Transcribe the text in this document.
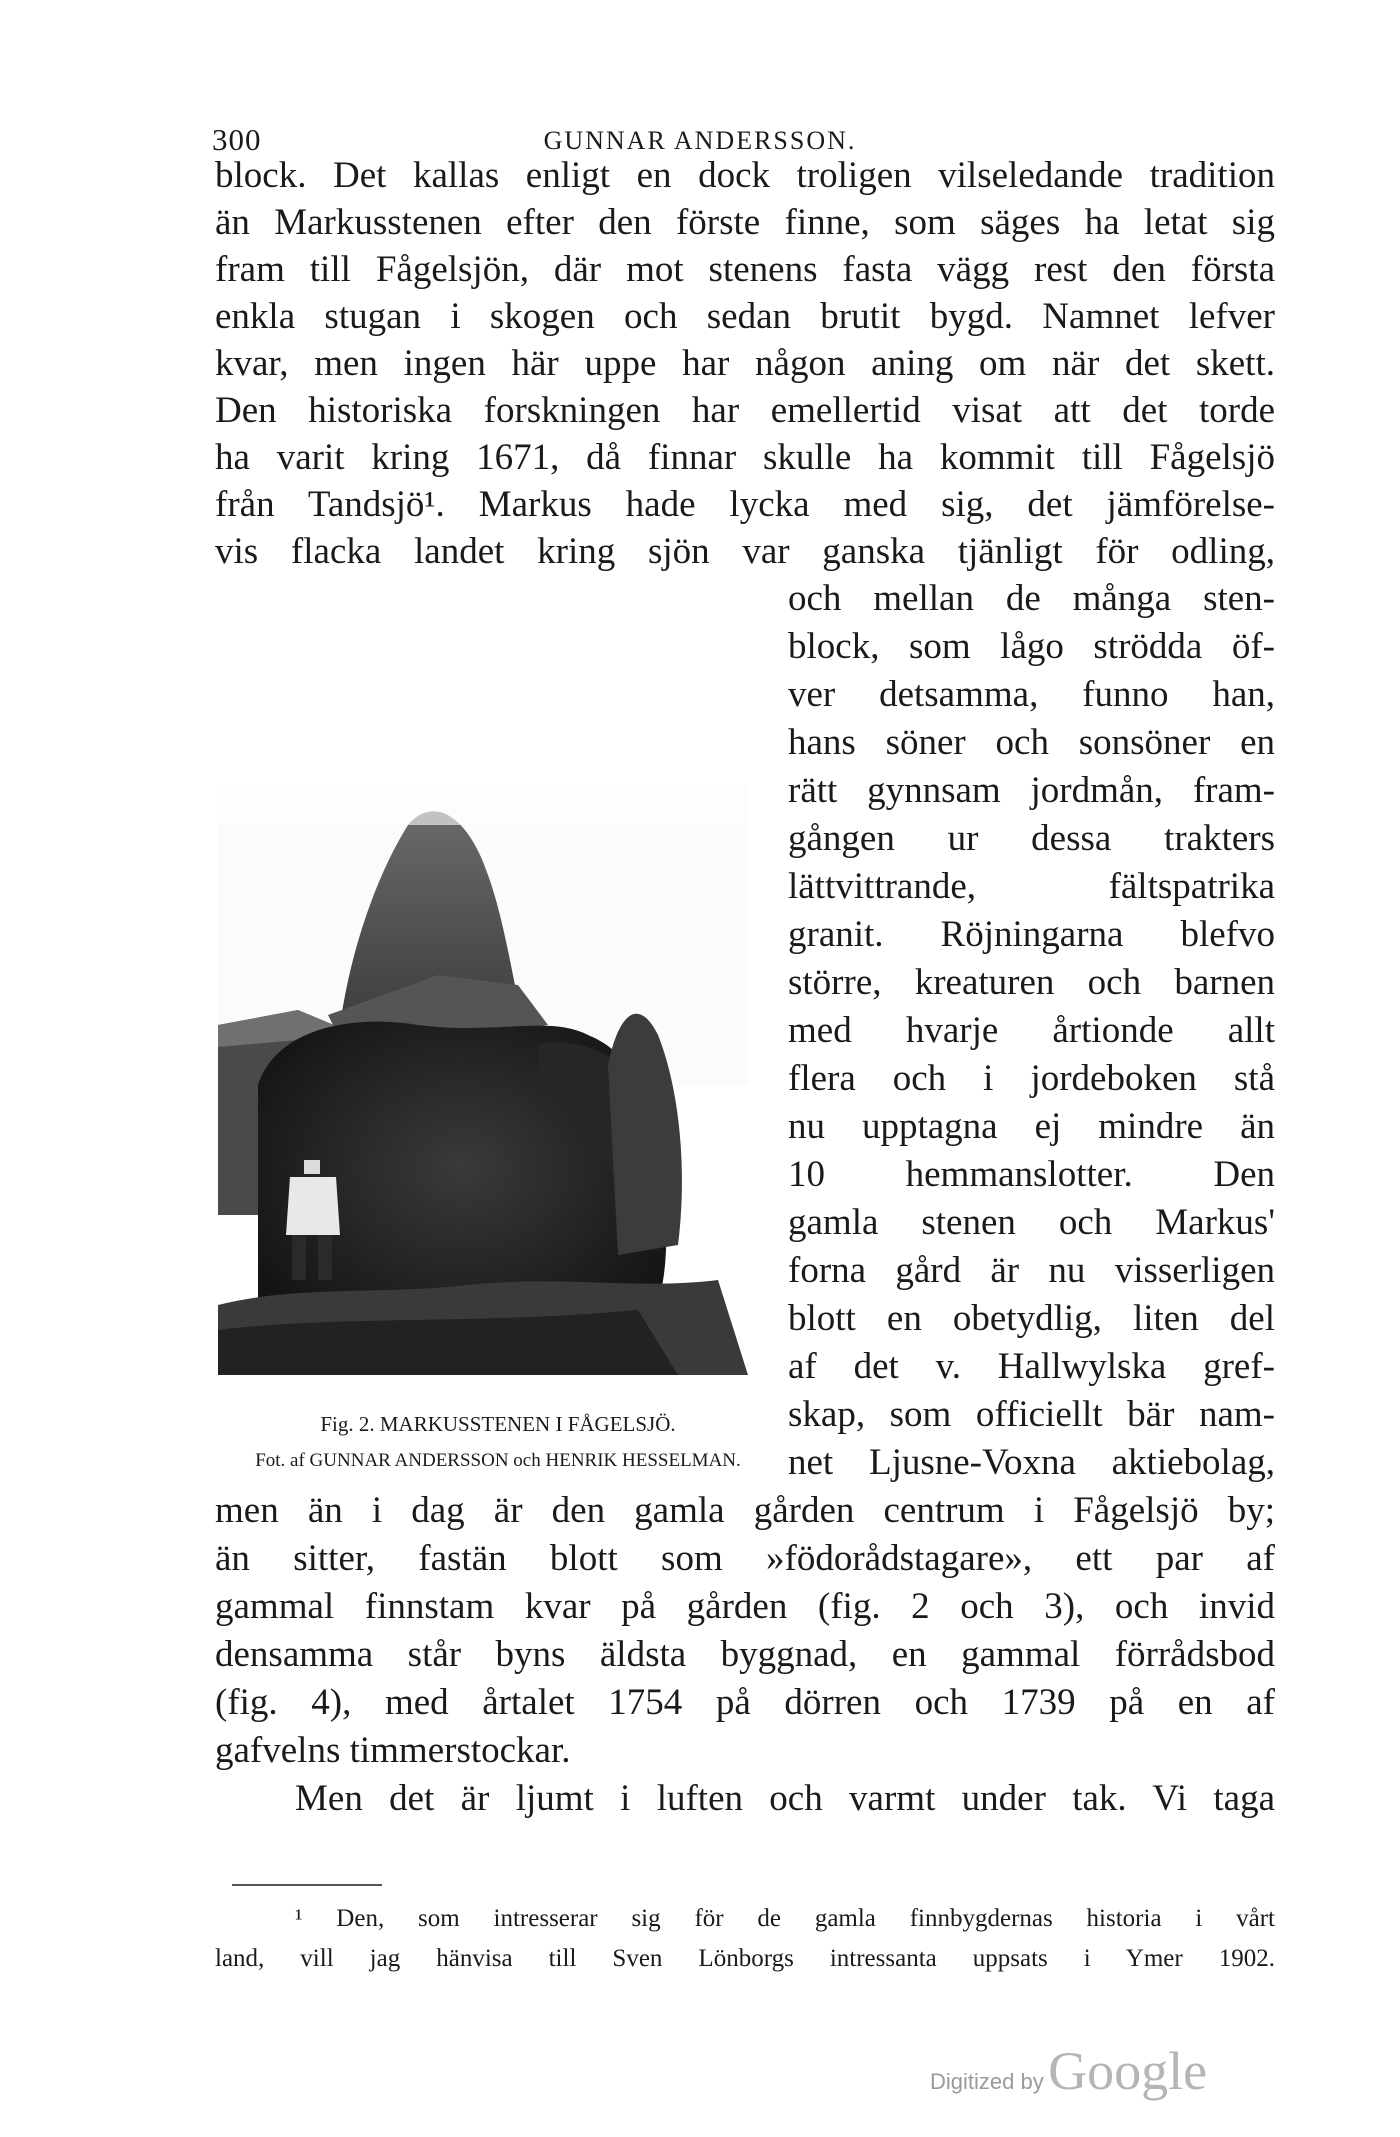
300	GUNNAR ANDERSSON.
block. Det kallas enligt en dock troligen vilseledande tradition
än Markusstenen efter den förste finne, som säges ha letat sig
fram till Fågelsjön, där mot stenens fasta vägg rest den första
enkla stugan i skogen och sedan brutit bygd. Namnet lefver
kvar, men ingen här uppe har någon aning om när det skett.
Den historiska forskningen har emellertid visat att det torde
ha varit kring 1671, då finnar skulle ha kommit till Fågelsjö
från Tandsjö¹. Markus hade lycka med sig, det jämförelse-
vis flacka landet kring sjön var ganska tjänligt för odling,
och mellan de många sten-
block, som lågo strödda öf-
ver detsamma, funno han,
hans söner och sonsöner en
rätt gynnsam jordmån, fram-
gången ur dessa trakters
lättvittrande, fältspatrika
granit. Röjningarna blefvo
större, kreaturen och barnen
med hvarje årtionde allt
flera och i jordeboken stå
nu upptagna ej mindre än
10 hemmanslotter. Den
gamla stenen och Markus'
forna gård är nu visserligen
blott en obetydlig, liten del
af det v. Hallwylska gref-
skap, som officiellt bär nam-
net Ljusne-Voxna aktiebolag,
Fig. 2. MARKUSSTENEN I FÅGELSJÖ.
Fot. af GUNNAR ANDERSSON och HENRIK HESSELMAN.
men än i dag är den gamla gården centrum i Fågelsjö by;
än sitter, fastän blott som »födorådstagare», ett par af
gammal finnstam kvar på gården (fig. 2 och 3), och invid
densamma står byns äldsta byggnad, en gammal förrådsbod
(fig. 4), med årtalet 1754 på dörren och 1739 på en af
gafvelns timmerstockar.
Men det är ljumt i luften och varmt under tak. Vi taga
¹ Den, som intresserar sig för de gamla finnbygdernas historia i vårt
land, vill jag hänvisa till Sven Lönborgs intressanta uppsats i Ymer 1902.
Digitized by Google
